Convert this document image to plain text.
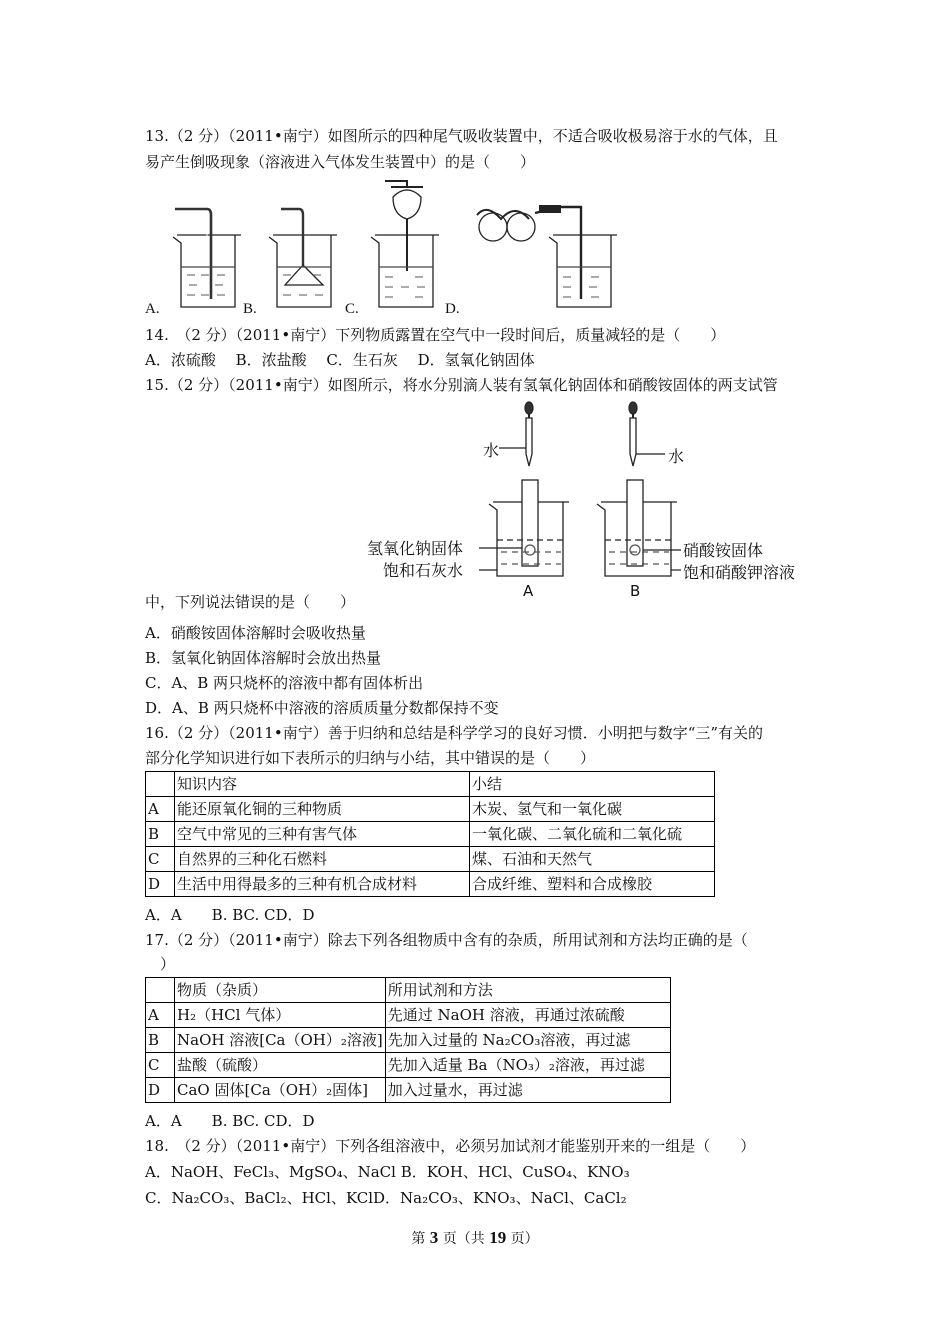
13.（2 分）（2011•南宁）如图所示的四种尾气吸收装置中，不适合吸收极易溶于水的气体，且
易产生倒吸现象（溶液进入气体发生装置中）的是（　　）
A.	B.	C.	D.
14.　（2 分）（2011•南宁）下列物质露置在空气中一段时间后，质量减轻的是（　　）
A．浓硫酸　 B．浓盐酸　 C．生石灰　 D．氢氧化钠固体
15.（2 分）（2011•南宁）如图所示，将水分别滴人装有氢氧化钠固体和硝酸铵固体的两支试管
水	水
氢氧化钠固体
饱和石灰水
A
硝酸铵固体
饱和硝酸钾溶液
B
中，下列说法错误的是（　　）
A．硝酸铵固体溶解时会吸收热量
B．氢氧化钠固体溶解时会放出热量
C．A、B 两只烧杯的溶液中都有固体析出
D．A、B 两只烧杯中溶液的溶质质量分数都保持不变
16.（2 分）（2011•南宁）善于归纳和总结是科学学习的良好习惯．小明把与数字“三”有关的
部分化学知识进行如下表所示的归纳与小结，其中错误的是（　　）
	知识内容	小结
A	能还原氧化铜的三种物质	木炭、氢气和一氧化碳
B	空气中常见的三种有害气体	一氧化碳、二氧化硫和二氧化硫
C	自然界的三种化石燃料	煤、石油和天然气
D	生活中用得最多的三种有机合成材料	合成纤维、塑料和合成橡胶
A．A　　B. BC. CD．D
17.（2 分）（2011•南宁）除去下列各组物质中含有的杂质，所用试剂和方法均正确的是（
　）
	物质（杂质）	所用试剂和方法
A	H₂（HCl 气体）	先通过 NaOH 溶液，再通过浓硫酸
B	NaOH 溶液[Ca（OH）₂溶液]	先加入过量的 Na₂CO₃溶液，再过滤
C	盐酸（硫酸）	先加入适量 Ba（NO₃）₂溶液，再过滤
D	CaO 固体[Ca（OH）₂固体]	加入过量水，再过滤
A．A　　B. BC. CD．D
18.　（2 分）（2011•南宁）下列各组溶液中，必须另加试剂才能鉴别开来的一组是（　　）
A．NaOH、FeCl₃、MgSO₄、NaCl B．KOH、HCl、CuSO₄、KNO₃
C．Na₂CO₃、BaCl₂、HCl、KClD．Na₂CO₃、KNO₃、NaCl、CaCl₂
第 3 页（共 19 页）
